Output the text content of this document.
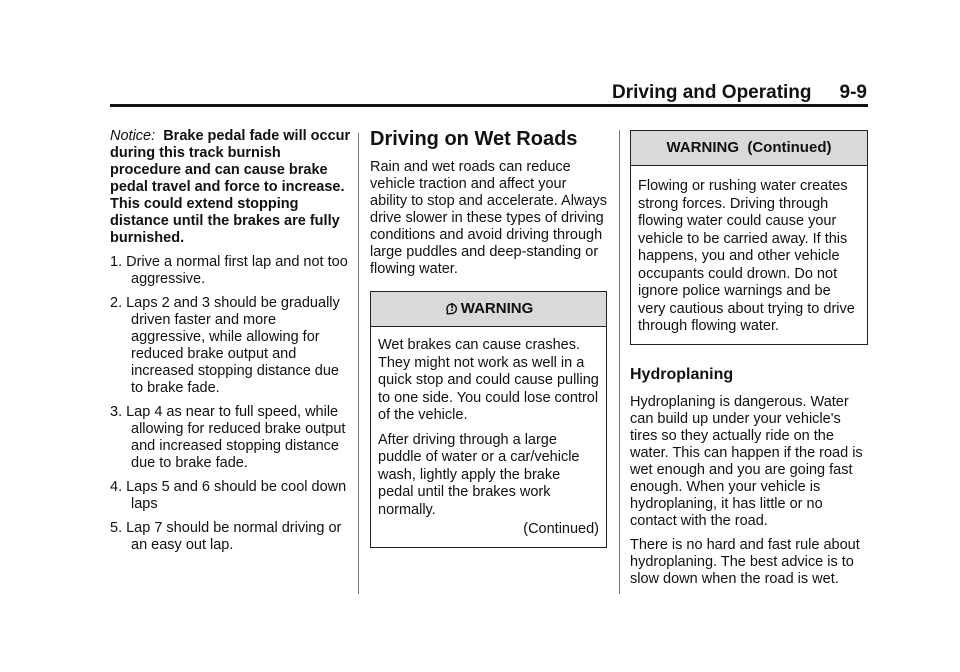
Driving and Operating 9-9

Notice: Brake pedal fade will occur during this track burnish procedure and can cause brake pedal travel and force to increase. This could extend stopping distance until the brakes are fully burnished.

1. Drive a normal first lap and not too aggressive.
2. Laps 2 and 3 should be gradually driven faster and more aggressive, while allowing for reduced brake output and increased stopping distance due to brake fade.
3. Lap 4 as near to full speed, while allowing for reduced brake output and increased stopping distance due to brake fade.
4. Laps 5 and 6 should be cool down laps
5. Lap 7 should be normal driving or an easy out lap.
Driving on Wet Roads

Rain and wet roads can reduce vehicle traction and affect your ability to stop and accelerate. Always drive slower in these types of driving conditions and avoid driving through large puddles and deep-standing or flowing water.

WARNING

Wet brakes can cause crashes. They might not work as well in a quick stop and could cause pulling to one side. You could lose control of the vehicle.

After driving through a large puddle of water or a car/vehicle wash, lightly apply the brake pedal until the brakes work normally.

(Continued)

WARNING  (Continued)

Flowing or rushing water creates strong forces. Driving through flowing water could cause your vehicle to be carried away. If this happens, you and other vehicle occupants could drown. Do not ignore police warnings and be very cautious about trying to drive through flowing water.

Hydroplaning

Hydroplaning is dangerous. Water can build up under your vehicle's tires so they actually ride on the water. This can happen if the road is wet enough and you are going fast enough. When your vehicle is hydroplaning, it has little or no contact with the road.

There is no hard and fast rule about hydroplaning. The best advice is to slow down when the road is wet.
